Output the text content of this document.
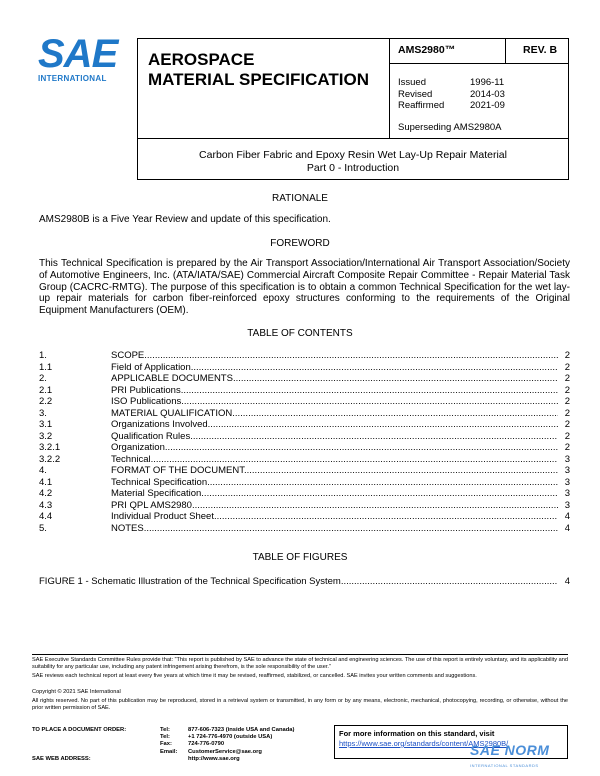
SAE
INTERNATIONAL
AEROSPACE
MATERIAL SPECIFICATION
AMS2980™	REV. B
Issued	1996-11
Revised	2014-03
Reaffirmed	2021-09
Superseding AMS2980A
Carbon Fiber Fabric and Epoxy Resin Wet Lay-Up Repair Material
Part 0 - Introduction
RATIONALE
AMS2980B is a Five Year Review and update of this specification.
FOREWORD
This Technical Specification is prepared by the Air Transport Association/International Air Transport Association/Society of Automotive Engineers, Inc. (ATA/IATA/SAE) Commercial Aircraft Composite Repair Committee - Repair Material Task Group (CACRC-RMTG). The purpose of this specification is to obtain a common Technical Specification for the wet lay-up repair materials for carbon fiber-reinforced epoxy structures conforming to the requirements of the Original Equipment Manufacturers (OEM).
TABLE OF CONTENTS
1.	SCOPE .....	2
1.1	Field of Application .....	2
2.	APPLICABLE DOCUMENTS .....	2
2.1	PRI Publications .....	2
2.2	ISO Publications .....	2
3.	MATERIAL QUALIFICATION .....	2
3.1	Organizations Involved .....	2
3.2	Qualification Rules .....	2
3.2.1	Organization .....	2
3.2.2	Technical .....	3
4.	FORMAT OF THE DOCUMENT .....	3
4.1	Technical Specification .....	3
4.2	Material Specification .....	3
4.3	PRI QPL AMS2980 .....	3
4.4	Individual Product Sheet .....	4
5.	NOTES .....	4
TABLE OF FIGURES
FIGURE 1 - Schematic Illustration of the Technical Specification System .....	4
SAE Executive Standards Committee Rules provide that: “This report is published by SAE to advance the state of technical and engineering sciences. The use of this report is entirely voluntary, and its applicability and suitability for any particular use, including any patent infringement arising therefrom, is the sole responsibility of the user.”
SAE reviews each technical report at least every five years at which time it may be revised, reaffirmed, stabilized, or cancelled. SAE invites your written comments and suggestions.
Copyright © 2021 SAE International
All rights reserved. No part of this publication may be reproduced, stored in a retrieval system or transmitted, in any form or by any means, electronic, mechanical, photocopying, recording, or otherwise, without the prior written permission of SAE.
TO PLACE A DOCUMENT ORDER:	Tel:	877-606-7323 (inside USA and Canada)
	Tel:	+1 724-776-4970 (outside USA)
	Fax:	724-776-0790
	Email:	CustomerService@sae.org
SAE WEB ADDRESS:		http://www.sae.org
For more information on this standard, visit
https://www.sae.org/standards/content/AMS2980B/
SAE NORM
INTERNATIONAL STANDARDS
